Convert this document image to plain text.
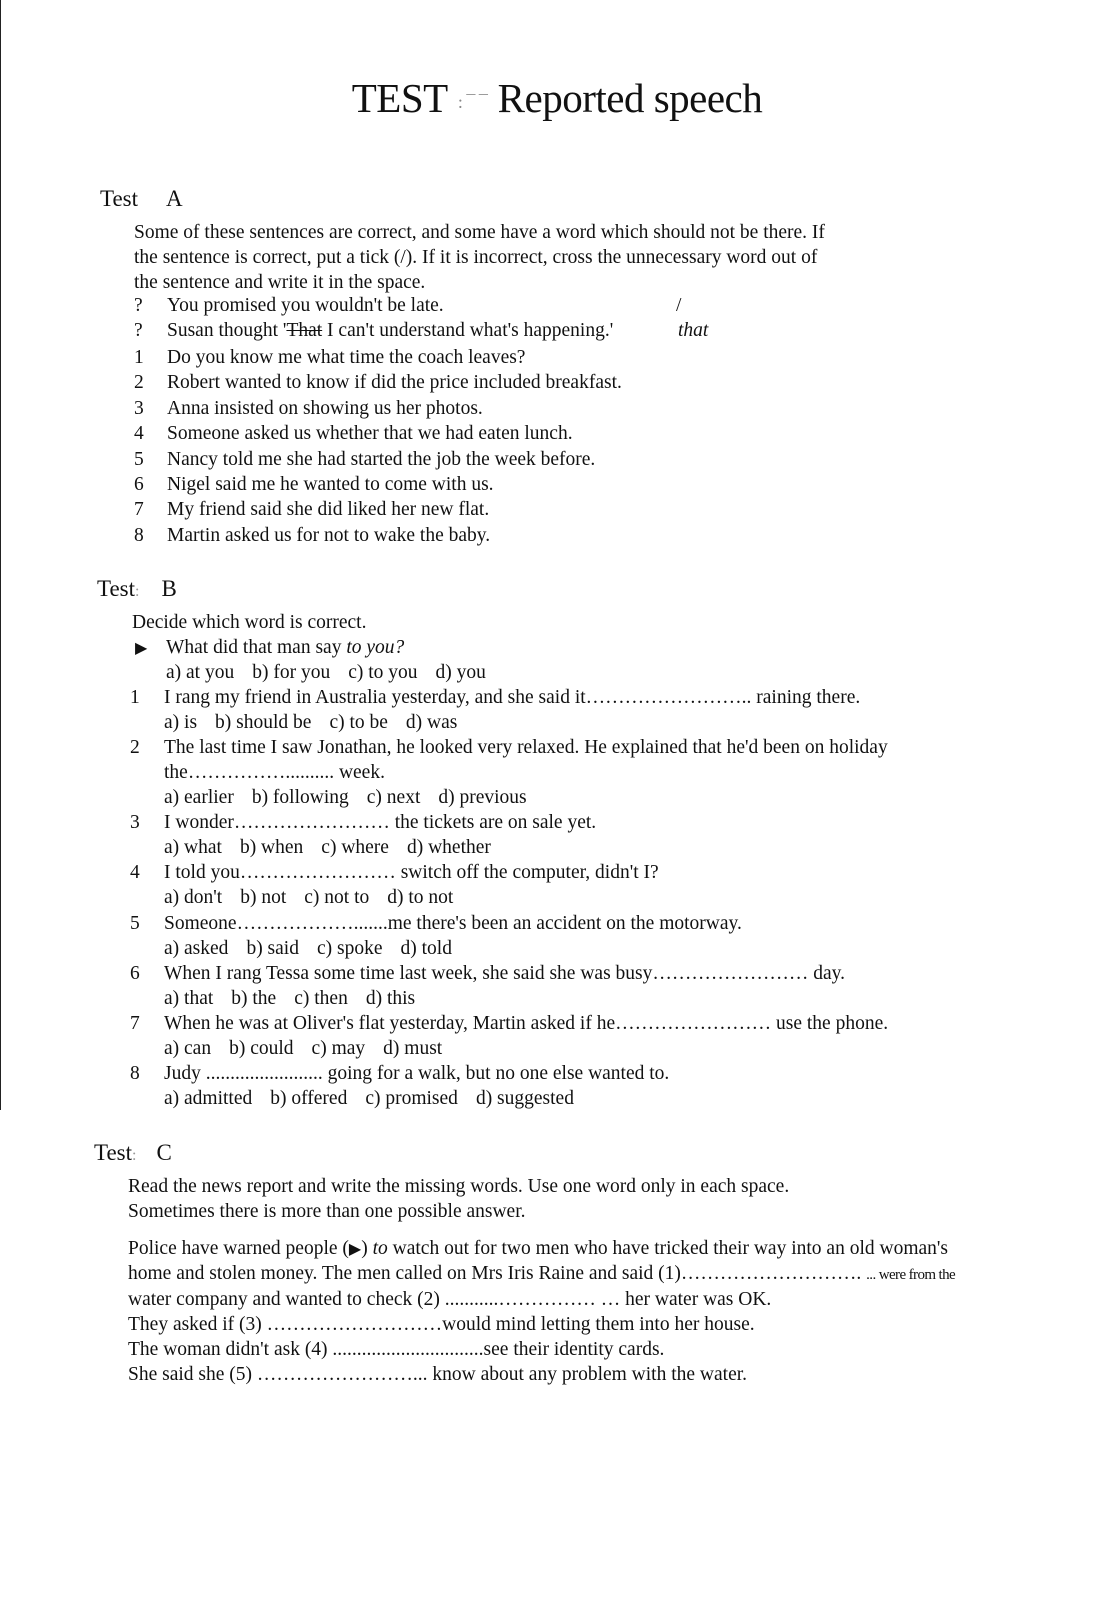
TEST : ¯ ¯ Reported speech
Test A
Some of these sentences are correct, and some have a word which should not be there. If
the sentence is correct, put a tick (/). If it is incorrect, cross the unnecessary word out of
the sentence and write it in the space.
? You promised you wouldn't be late.	/
? Susan thought 'That I can't understand what's happening.'	that
1 Do you know me what time the coach leaves?
2 Robert wanted to know if did the price included breakfast.
3 Anna insisted on showing us her photos.
4 Someone asked us whether that we had eaten lunch.
5 Nancy told me she had started the job the week before.
6 Nigel said me he wanted to come with us.
7 My friend said she did liked her new flat.
8 Martin asked us for not to wake the baby.
Test: B
Decide which word is correct.
▶ What did that man say to you?
a) at you b) for you c) to you d) you
1 I rang my friend in Australia yesterday, and she said it…………………….. raining there.
a) is b) should be c) to be d) was
2 The last time I saw Jonathan, he looked very relaxed. He explained that he'd been on holiday
the…………….......... week.
a) earlier b) following c) next d) previous
3 I wonder…………………… the tickets are on sale yet.
a) what b) when c) where d) whether
4 I told you…………………… switch off the computer, didn't I?
a) don't b) not c) not to d) to not
5 Someone……………….......me there's been an accident on the motorway.
a) asked b) said c) spoke d) told
6 When I rang Tessa some time last week, she said she was busy…………………… day.
a) that b) the c) then d) this
7 When he was at Oliver's flat yesterday, Martin asked if he…………………… use the phone.
a) can b) could c) may d) must
8 Judy ........................ going for a walk, but no one else wanted to.
a) admitted b) offered c) promised d) suggested
Test: C
Read the news report and write the missing words. Use one word only in each space.
Sometimes there is more than one possible answer.
Police have warned people (▶) to watch out for two men who have tricked their way into an old woman's
home and stolen money. The men called on Mrs Iris Raine and said (1)………………………. ... were from the
water company and wanted to check (2) ...........…………… … her water was OK.
They asked if (3) ………………………would mind letting them into her house.
The woman didn't ask (4) ...............................see their identity cards.
She said she (5) ……………………... know about any problem with the water.
